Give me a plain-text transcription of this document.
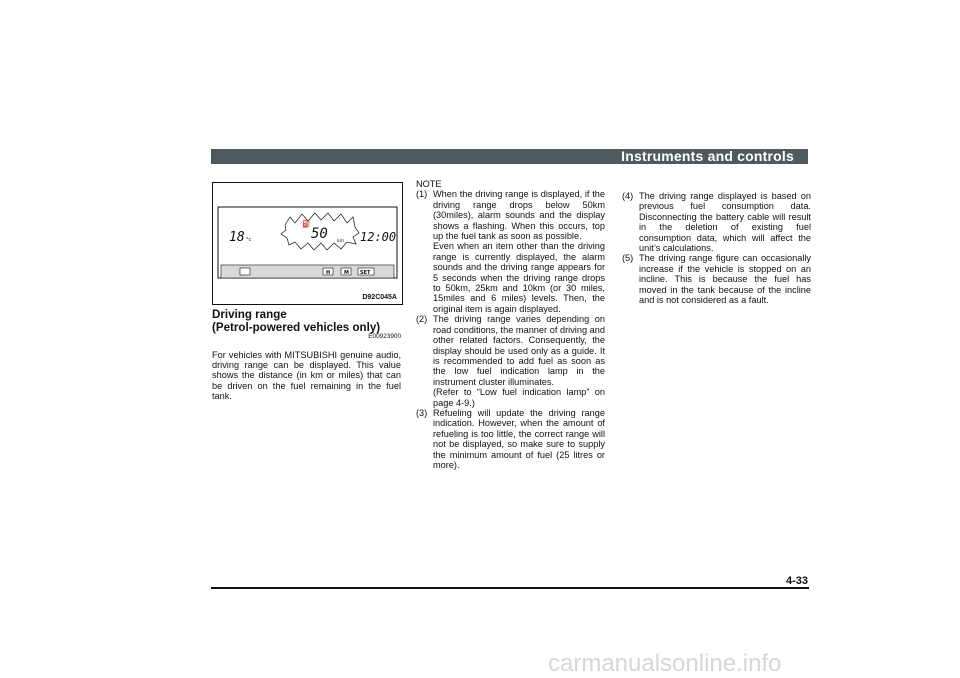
Instruments and controls
18 °c
⛽
50 km 12:00
H	M SET
D92C045A
Driving range
(Petrol-powered vehicles only)
E00923900
For vehicles with MITSUBISHI genuine audio, driving range can be displayed. This value shows the distance (in km or miles) that can be driven on the fuel remaining in the fuel tank.
NOTE
(1) When the driving range is displayed, if the driving range drops below 50km (30miles), alarm sounds and the display shows a flashing. When this occurs, top up the fuel tank as soon as possible.
Even when an item other than the driving range is currently displayed, the alarm sounds and the driving range appears for 5 seconds when the driving range drops to 50km, 25km and 10km (or 30 miles, 15miles and 6 miles) levels. Then, the original item is again displayed.
(2) The driving range varies depending on road conditions, the manner of driving and other related factors. Consequently, the display should be used only as a guide. It is recommended to add fuel as soon as the low fuel indication lamp in the instrument cluster illuminates.
(Refer to “Low fuel indication lamp” on page 4-9.)
(3) Refueling will update the driving range indication. However, when the amount of refueling is too little, the correct range will not be displayed, so make sure to supply the minimum amount of fuel (25 litres or more).
(4) The driving range displayed is based on previous fuel consumption data. Disconnecting the battery cable will result in the deletion of existing fuel consumption data, which will affect the unit’s calculations.
(5) The driving range figure can occasionally increase if the vehicle is stopped on an incline. This is because the fuel has moved in the tank because of the incline and is not considered as a fault.
4-33
carmanualsonline.info
